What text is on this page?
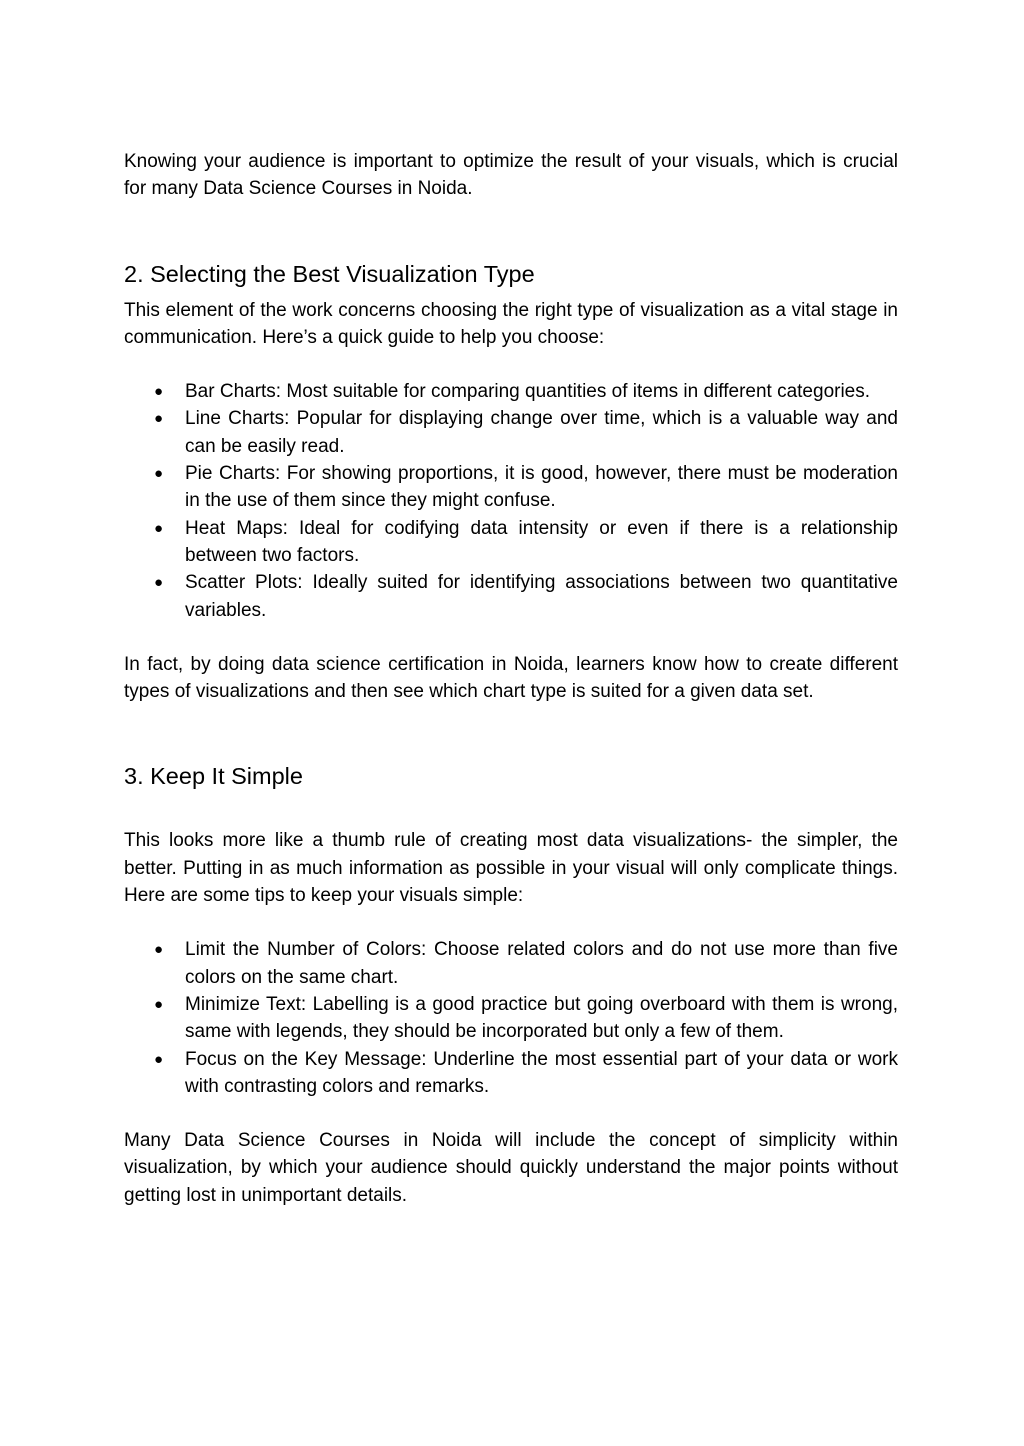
Knowing your audience is important to optimize the result of your visuals, which is crucial for many Data Science Courses in Noida.

2. Selecting the Best Visualization Type

This element of the work concerns choosing the right type of visualization as a vital stage in communication. Here’s a quick guide to help you choose:

● Bar Charts: Most suitable for comparing quantities of items in different categories.
● Line Charts: Popular for displaying change over time, which is a valuable way and can be easily read.
● Pie Charts: For showing proportions, it is good, however, there must be moderation in the use of them since they might confuse.
● Heat Maps: Ideal for codifying data intensity or even if there is a relationship between two factors.
● Scatter Plots: Ideally suited for identifying associations between two quantitative variables.

In fact, by doing data science certification in Noida, learners know how to create different types of visualizations and then see which chart type is suited for a given data set.

3. Keep It Simple

This looks more like a thumb rule of creating most data visualizations- the simpler, the better. Putting in as much information as possible in your visual will only complicate things. Here are some tips to keep your visuals simple:

● Limit the Number of Colors: Choose related colors and do not use more than five colors on the same chart.
● Minimize Text: Labelling is a good practice but going overboard with them is wrong, same with legends, they should be incorporated but only a few of them.
● Focus on the Key Message: Underline the most essential part of your data or work with contrasting colors and remarks.

Many Data Science Courses in Noida will include the concept of simplicity within visualization, by which your audience should quickly understand the major points without getting lost in unimportant details.
